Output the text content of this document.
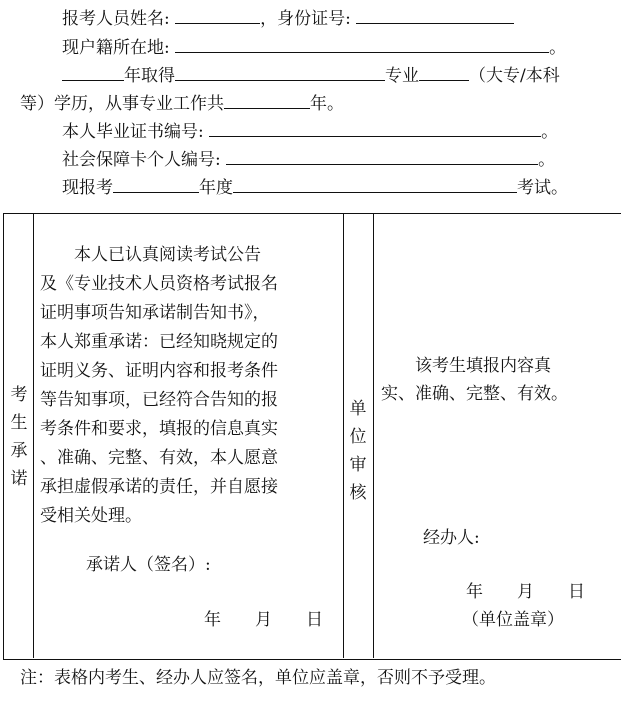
报考人员姓名:	，身份证号:
现户籍所在地:	。
年取得	专业	（大专/本科
等）学历，从事专业工作共	年。
本人毕业证书编号:	。
社会保障卡个人编号:	。
现报考	年度	考试。
考
生
承
诺
　　本人已认真阅读考试公告
及《专业技术人员资格考试报名
证明事项告知承诺制告知书》，
本人郑重承诺：已经知晓规定的
证明义务、证明内容和报考条件
等告知事项，已经符合告知的报
考条件和要求，填报的信息真实
、准确、完整、有效，本人愿意
承担虚假承诺的责任，并自愿接
受相关处理。
承诺人（签名）:
年　　月　　日
单
位
审
核
　　该考生填报内容真
实、准确、完整、有效。
经办人:
年　　月　　日
（单位盖章）
注：表格内考生、经办人应签名，单位应盖章，否则不予受理。
